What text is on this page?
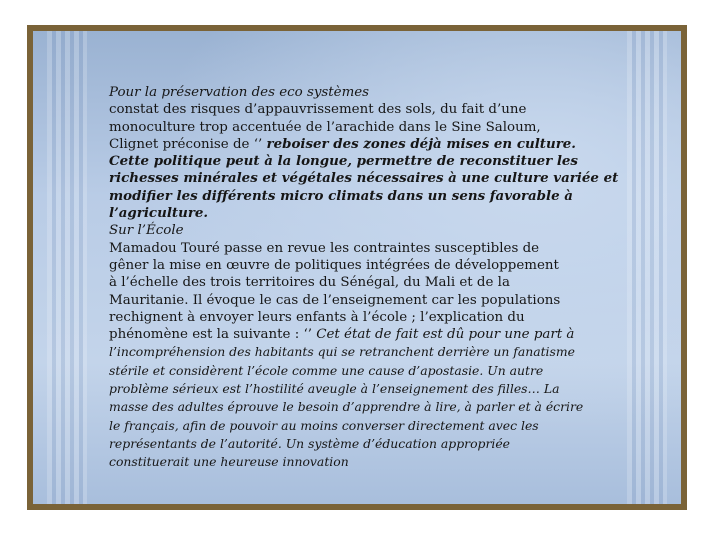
Pour la préservation des eco systèmes
constat des risques d’appauvrissement des sols, du fait d’une
monoculture trop accentuée de l’arachide dans le Sine Saloum,
Clignet préconise de ‘’ reboiser des zones déjà mises en culture.
Cette politique peut à la longue, permettre de reconstituer les
richesses minérales et végétales nécessaires à une culture variée et
modifier les différents micro climats dans un sens favorable à
l’agriculture.
Sur l’École
Mamadou Touré passe en revue les contraintes susceptibles de
gêner la mise en œuvre de politiques intégrées de développement
à l’échelle des trois territoires du Sénégal, du Mali et de la
Mauritanie. Il évoque le cas de l’enseignement car les populations
rechignent à envoyer leurs enfants à l’école ; l’explication du
phénomène est la suivante : ‘’ Cet état de fait est dû pour une part à
l’incompréhension des habitants qui se retranchent derrière un fanatisme
stérile et considèrent l’école comme une cause d’apostasie. Un autre
problème sérieux est l’hostilité aveugle à l’enseignement des filles… La
masse des adultes éprouve le besoin d’apprendre à lire, à parler et à écrire
le français, afin de pouvoir au moins converser directement avec les
représentants de l’autorité. Un système d’éducation appropriée
constituerait une heureuse innovation
